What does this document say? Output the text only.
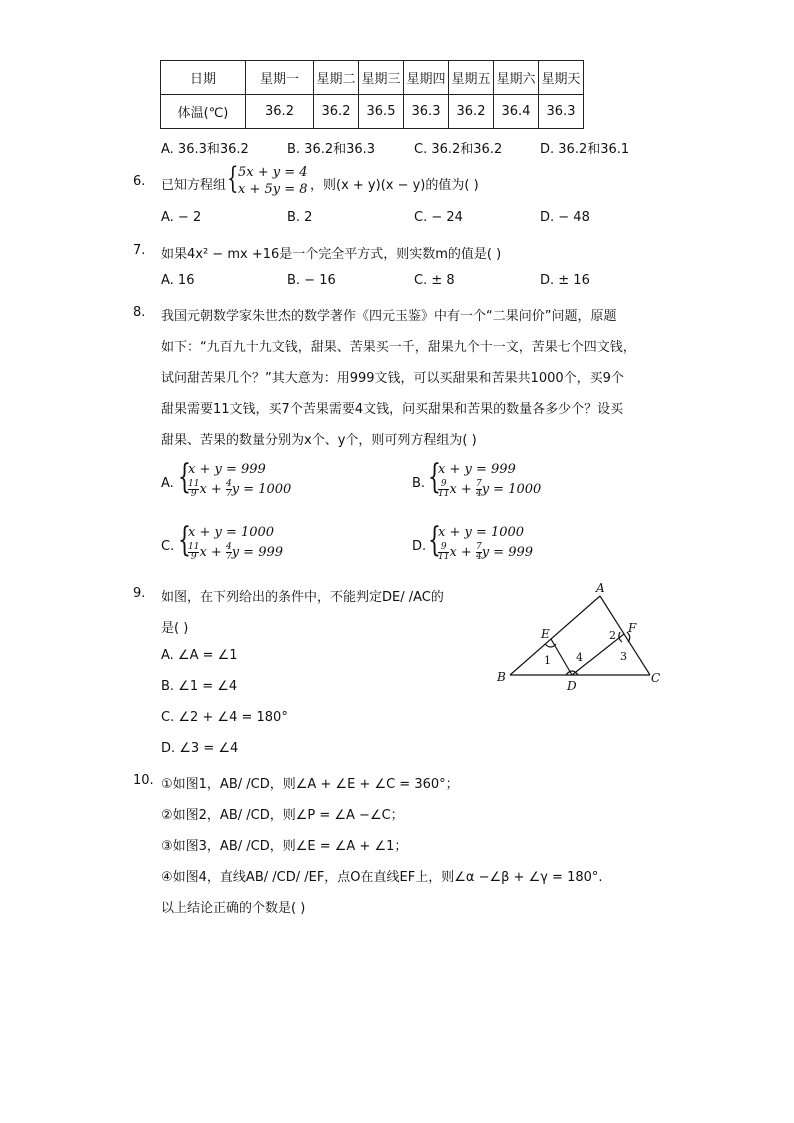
日期	星期一	星期二	星期三	星期四	星期五	星期六	星期天
体温(℃)	36.2	36.2	36.5	36.3	36.2	36.4	36.3
A. 36.3和36.2	B. 36.2和36.3	C. 36.2和36.2	D. 36.2和36.1
6. 已知方程组 { 5x + y = 4
x + 5y = 8 ，则(x + y)(x − y)的值为( )
A. − 2	B. 2	C. − 24	D. − 48
7. 如果4x² − mx +16是一个完全平方式，则实数m的值是( )
A. 16	B. − 16	C. ± 8	D. ± 16
8. 我国元朝数学家朱世杰的数学著作《四元玉鉴》中有一个“二果问价”问题，原题
如下：“九百九十九文钱，甜果、苦果买一千，甜果九个十一文，苦果七个四文钱，
试问甜苦果几个？”其大意为：用999文钱，可以买甜果和苦果共1000个，买9个
甜果需要11文钱，买7个苦果需要4文钱，问买甜果和苦果的数量各多少个？设买
甜果、苦果的数量分别为x个、y个，则可列方程组为( )
A. {
x + y = 999
$\frac{11}{9}$ $x + \frac{4}{7}$ y = 1000	B. {
x + y = 999
$\frac{9}{11}$ $x + \frac{7}{4}$ y = 1000
C. {
x + y = 1000
$\frac{11}{9}$ $x + \frac{4}{7}$ y = 999	D. {
x + y = 1000
$\frac{9}{11}$ $x + \frac{7}{4}$ y = 999
9. 如图，在下列给出的条件中，不能判定DE/ /AC的
是( )
A. ∠A = ∠1
B. ∠1 = ∠4
C. ∠2 + ∠4 = 180°
D. ∠3 = ∠4
A
B	C
D
E	F
1
2
3
4
10. ①如图1，AB/ /CD，则∠A + ∠E + ∠C = 360°；
②如图2，AB/ /CD，则∠P = ∠A −∠C；
③如图3，AB/ /CD，则∠E = ∠A + ∠1；
④如图4，直线AB/ /CD/ /EF，点O在直线EF上，则∠α −∠β + ∠γ = 180°.
以上结论正确的个数是( )
